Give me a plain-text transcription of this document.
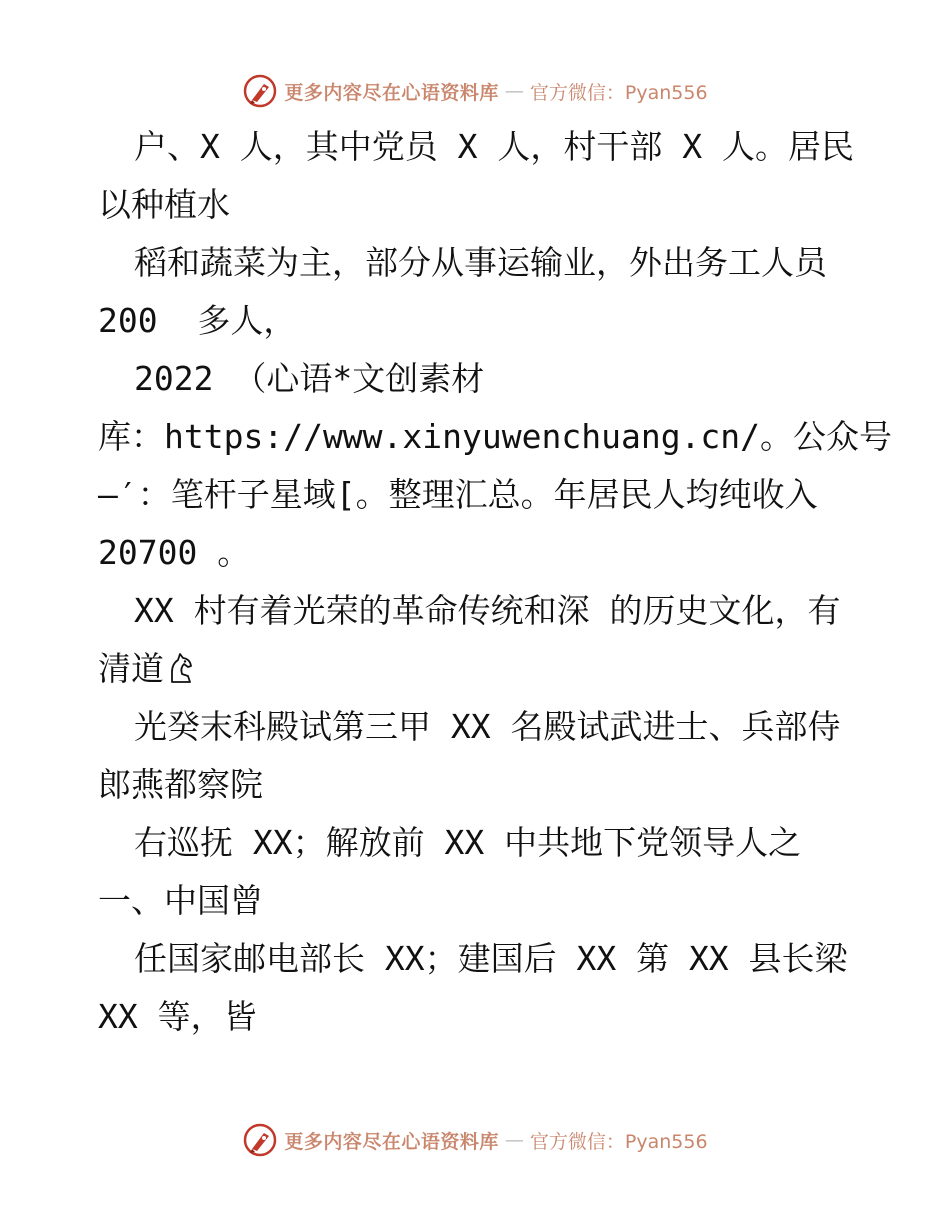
更多内容尽在心语资料库 — 官方微信：Pyan556
户、X 人，其中党员 X 人，村干部 X 人。居民
以种植水
稻和蔬菜为主，部分从事运输业，外出务工人员
200  多人，
2022 （心语*文创素材
库：https://www.xinyuwenchuang.cn/。公众号
—′：笔杆子星域[。整理汇总。年居民人均纯收入
20700 。
XX 村有着光荣的革命传统和深 的历史文化，有
清道
光癸末科殿试第三甲 XX 名殿试武进士、兵部侍
郎燕都察院
右巡抚 XX；解放前 XX 中共地下党领导人之
一、中国曾
任国家邮电部长 XX；建国后 XX 第 XX 县长梁
XX 等，皆
更多内容尽在心语资料库 — 官方微信：Pyan556
